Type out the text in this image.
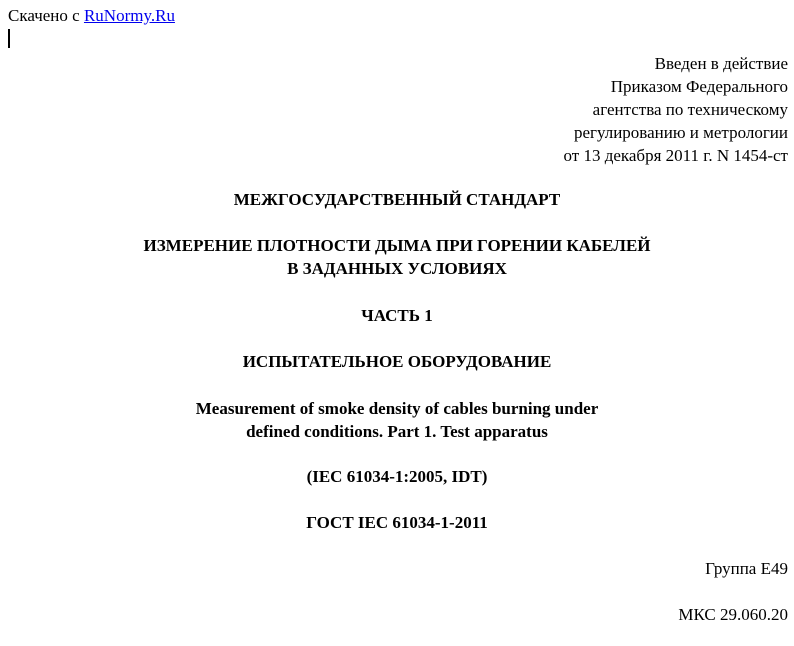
Скачено с RuNormy.Ru
Введен в действие
Приказом Федерального
агентства по техническому
регулированию и метрологии
от 13 декабря 2011 г. N 1454-ст
МЕЖГОСУДАРСТВЕННЫЙ СТАНДАРТ
ИЗМЕРЕНИЕ ПЛОТНОСТИ ДЫМА ПРИ ГОРЕНИИ КАБЕЛЕЙ
В ЗАДАННЫХ УСЛОВИЯХ
ЧАСТЬ 1
ИСПЫТАТЕЛЬНОЕ ОБОРУДОВАНИЕ
Measurement of smoke density of cables burning under
defined conditions. Part 1. Test apparatus
(IEC 61034-1:2005, IDT)
ГОСТ IEC 61034-1-2011
Группа Е49
МКС 29.060.20
